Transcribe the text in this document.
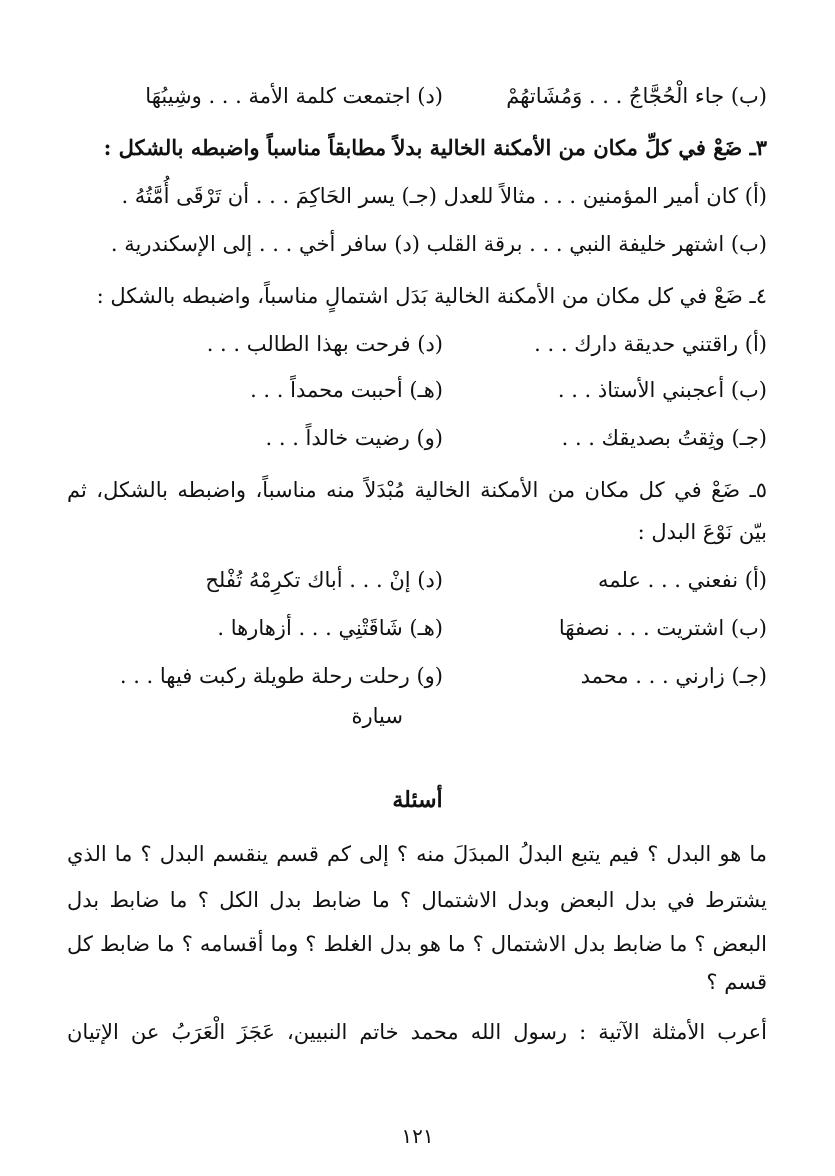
(ب) جاء الْحُجَّاجُ . . . وَمُشَاتهُمْ
(د) اجتمعت كلمة الأمة . . . وشِيبُهَا
٣ـ ضَعْ في كلِّ مكان من الأمكنة الخالية بدلاً مطابقاً مناسباً واضبطه بالشكل :
(أ) كان أمير المؤمنين . . . مثالاً للعدل (جـ) يسر الحَاكِمَ . . . أن تَرْقَى أُمَّتُهُ .
(ب) اشتهر خليفة النبي . . . برقة القلب (د) سافر أخي . . . إلى الإسكندرية .
٤ـ ضَعْ في كل مكان من الأمكنة الخالية بَدَل اشتمالٍ مناسباً، واضبطه بالشكل :
(أ) راقتني حديقة دارك . . .
(د) فرحت بهذا الطالب . . .
(ب) أعجبني الأستاذ . . .
(هـ) أحببت محمداً . . .
(جـ) وثِقتُ بصديقك . . .
(و) رضيت خالداً . . .
٥ـ ضَعْ في كل مكان من الأمكنة الخالية مُبْدَلاً منه مناسباً، واضبطه بالشكل، ثم
بيّن نَوْعَ البدل :
(أ) نفعني . . . علمه
(د) إنْ . . . أباك تكرِمْهُ تُفْلح
(ب) اشتريت . . . نصفهَا
(هـ) شَاقَتْنِي . . . أزهارها .
(جـ) زارني . . . محمد
(و) رحلت رحلة طويلة ركبت فيها . . .
سيارة
أسئلة
ما هو البدل ؟ فيم يتبع البدلُ المبدَلَ منه ؟ إلى كم قسم ينقسم البدل ؟ ما الذي
يشترط في بدل البعض وبدل الاشتمال ؟ ما ضابط بدل الكل ؟ ما ضابط بدل
البعض ؟ ما ضابط بدل الاشتمال ؟ ما هو بدل الغلط ؟ وما أقسامه ؟ ما ضابط كل
قسم ؟
أعرب الأمثلة الآتية : رسول الله محمد خاتم النبيين، عَجَزَ الْعَرَبُ عن الإتيان
١٢١
